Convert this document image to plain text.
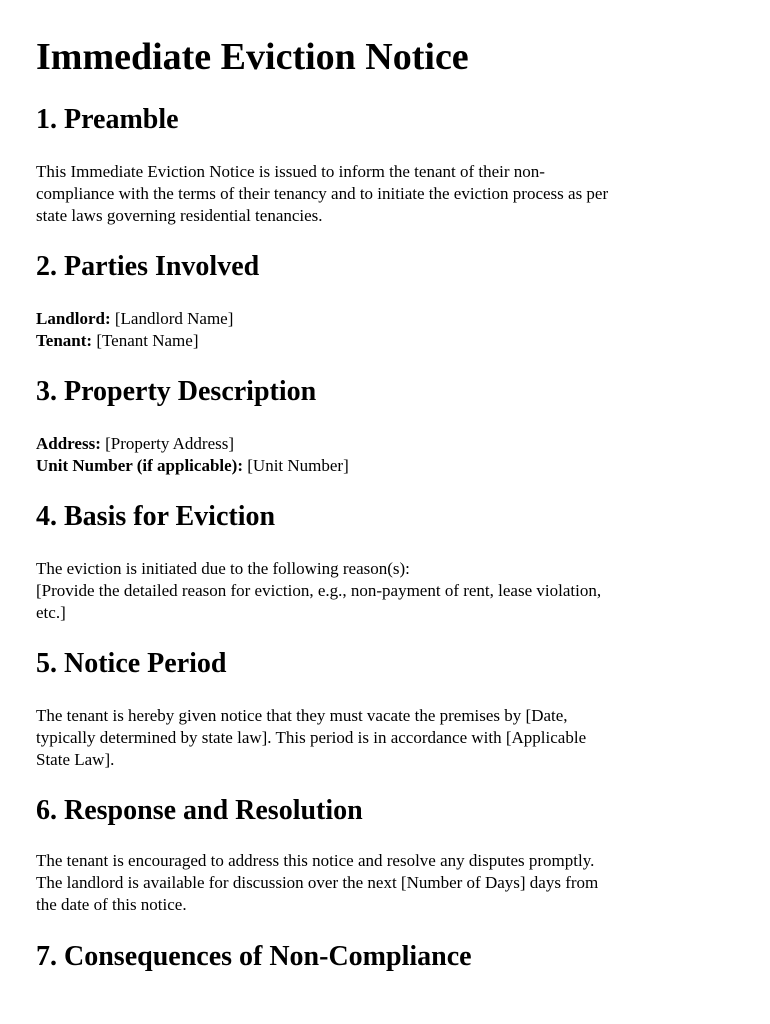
Immediate Eviction Notice
1. Preamble

This Immediate Eviction Notice is issued to inform the tenant of their non-
compliance with the terms of their tenancy and to initiate the eviction process as per
state laws governing residential tenancies.

2. Parties Involved

Landlord: [Landlord Name]
Tenant: [Tenant Name]

3. Property Description

Address: [Property Address]
Unit Number (if applicable): [Unit Number]

4. Basis for Eviction

The eviction is initiated due to the following reason(s):
[Provide the detailed reason for eviction, e.g., non-payment of rent, lease violation,
etc.]

5. Notice Period

The tenant is hereby given notice that they must vacate the premises by [Date,
typically determined by state law]. This period is in accordance with [Applicable
State Law].

6. Response and Resolution

The tenant is encouraged to address this notice and resolve any disputes promptly.
The landlord is available for discussion over the next [Number of Days] days from
the date of this notice.

7. Consequences of Non-Compliance
